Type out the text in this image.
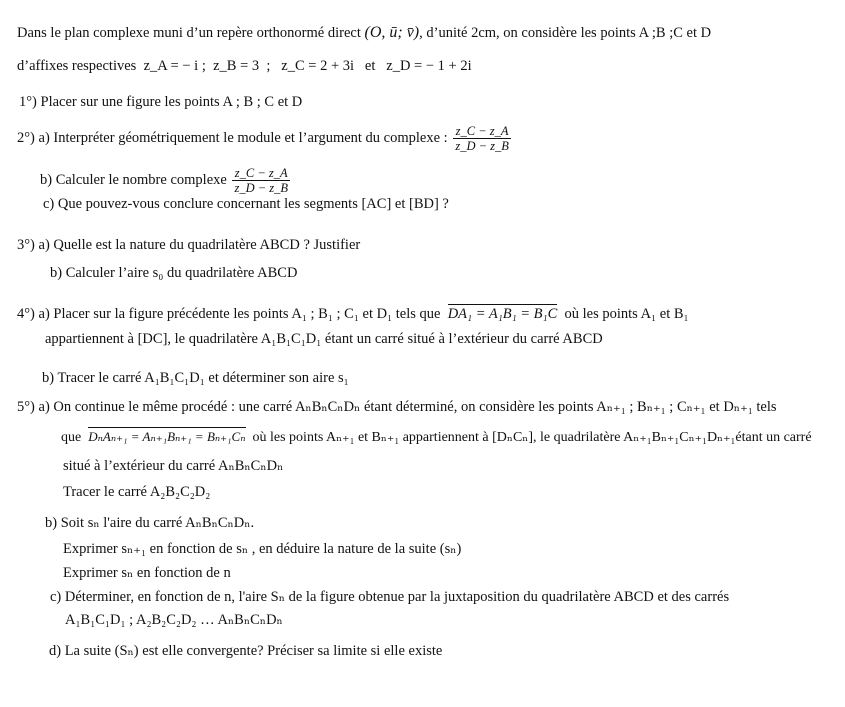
Dans le plan complexe muni d’un repère orthonormé direct (O, ū; v̄), d’unité 2cm, on considère les points A ;B ;C et D
d’affixes respectives z_A = − i ;  z_B = 3  ;   z_C = 2 + 3i et z_D = − 1 + 2i
1°) Placer sur une figure les points A ; B ; C et D
2°) a) Interpréter géométriquement le module et l’argument du complexe : $\frac{z\_C - z\_A}{z\_D - z\_B}$
b) Calculer le nombre complexe $\frac{z\_C - z\_A}{z\_D - z\_B}$
c) Que pouvez-vous conclure concernant les segments [AC] et [BD] ?
3°) a) Quelle est la nature du quadrilatère ABCD ? Justifier
b) Calculer l’aire s₀ du quadrilatère ABCD
4°) a) Placer sur la figure précédente les points A₁ ; B₁ ; C₁ et D₁ tels que DA₁ = A₁B₁ = B₁C où les points A₁ et B₁
appartiennent à [DC], le quadrilatère A₁B₁C₁D₁ étant un carré situé à l’extérieur du carré ABCD
b) Tracer le carré A₁B₁C₁D₁ et déterminer son aire s₁
5°) a) On continue le même procédé : une carré AₙBₙCₙDₙ étant déterminé, on considère les points Aₙ₊₁ ; Bₙ₊₁ ; Cₙ₊₁ et Dₙ₊₁ tels
que DₙAₙ₊₁ = Aₙ₊₁Bₙ₊₁ = Bₙ₊₁Cₙ où les points Aₙ₊₁ et Bₙ₊₁ appartiennent à [DₙCₙ], le quadrilatère Aₙ₊₁Bₙ₊₁Cₙ₊₁Dₙ₊₁étant un carré
situé à l’extérieur du carré AₙBₙCₙDₙ
Tracer le carré A₂B₂C₂D₂
b) Soit sₙ l'aire du carré AₙBₙCₙDₙ.
Exprimer sₙ₊₁ en fonction de sₙ , en déduire la nature de la suite (sₙ)
Exprimer sₙ en fonction de n
c) Déterminer, en fonction de n, l'aire Sₙ de la figure obtenue par la juxtaposition du quadrilatère ABCD et des carrés
A₁B₁C₁D₁ ; A₂B₂C₂D₂ … AₙBₙCₙDₙ
d) La suite (Sₙ) est elle convergente? Préciser sa limite si elle existe
